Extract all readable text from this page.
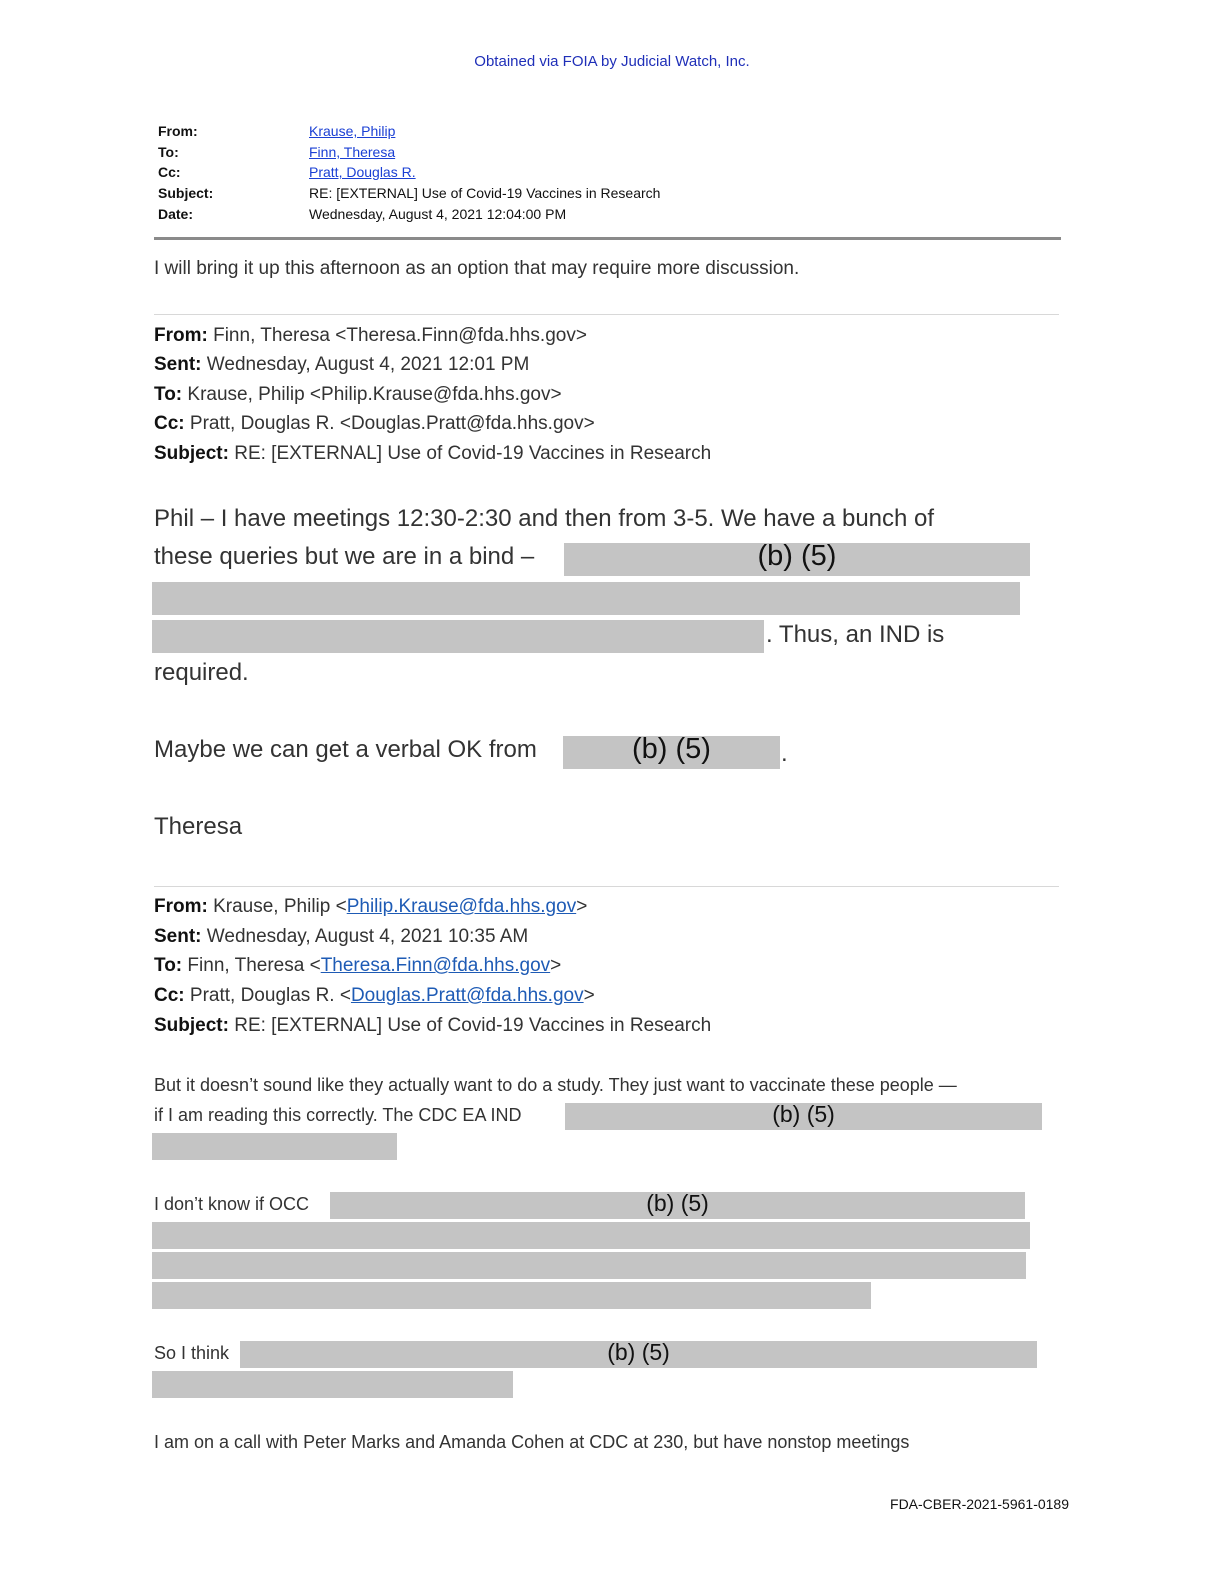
Obtained via FOIA by Judicial Watch, Inc.
From:	Krause, Philip
To:	Finn, Theresa
Cc:	Pratt, Douglas R.
Subject:	RE: [EXTERNAL] Use of Covid-19 Vaccines in Research
Date:	Wednesday, August 4, 2021 12:04:00 PM
I will bring it up this afternoon as an option that may require more discussion.
From: Finn, Theresa <Theresa.Finn@fda.hhs.gov>
Sent: Wednesday, August 4, 2021 12:01 PM
To: Krause, Philip <Philip.Krause@fda.hhs.gov>
Cc: Pratt, Douglas R. <Douglas.Pratt@fda.hhs.gov>
Subject: RE: [EXTERNAL] Use of Covid-19 Vaccines in Research
Phil – I have meetings 12:30-2:30 and then from 3-5. We have a bunch of
these queries but we are in a bind –	(b) (5)
. Thus, an IND is
required.
Maybe we can get a verbal OK from	(b) (5)	.
Theresa
From: Krause, Philip <Philip.Krause@fda.hhs.gov>
Sent: Wednesday, August 4, 2021 10:35 AM
To: Finn, Theresa <Theresa.Finn@fda.hhs.gov>
Cc: Pratt, Douglas R. <Douglas.Pratt@fda.hhs.gov>
Subject: RE: [EXTERNAL] Use of Covid-19 Vaccines in Research
But it doesn’t sound like they actually want to do a study. They just want to vaccinate these people —
if I am reading this correctly. The CDC EA IND	(b) (5)
I don’t know if OCC	(b) (5)
So I think	(b) (5)
I am on a call with Peter Marks and Amanda Cohen at CDC at 230, but have nonstop meetings
FDA-CBER-2021-5961-0189
